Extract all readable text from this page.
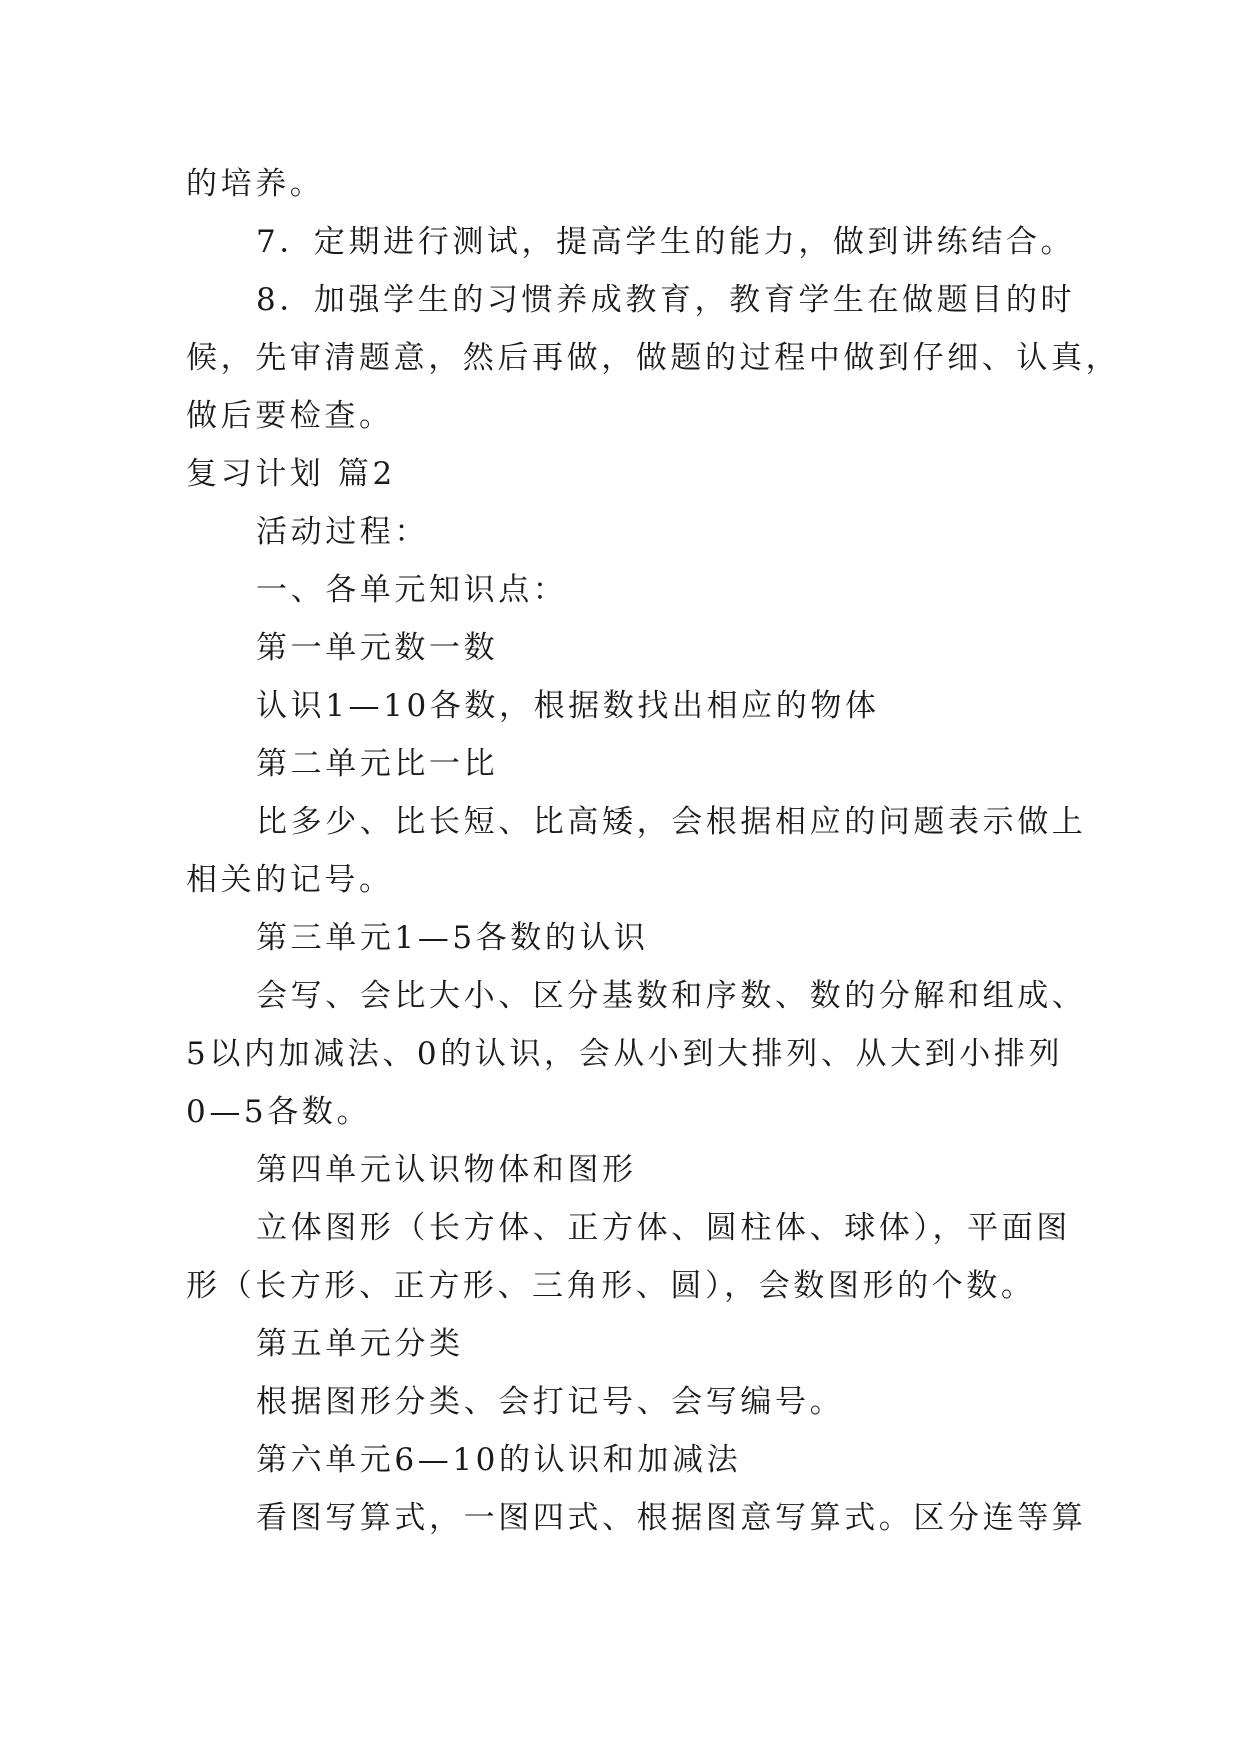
的培养。
7．定期进行测试，提高学生的能力，做到讲练结合。
8．加强学生的习惯养成教育，教育学生在做题目的时
候，先审清题意，然后再做，做题的过程中做到仔细、认真，
做后要检查。
复习计划 篇2
活动过程：
一、各单元知识点：
第一单元数一数
认识1—10各数，根据数找出相应的物体
第二单元比一比
比多少、比长短、比高矮，会根据相应的问题表示做上
相关的记号。
第三单元1—5各数的认识
会写、会比大小、区分基数和序数、数的分解和组成、
5以内加减法、0的认识，会从小到大排列、从大到小排列
0—5各数。
第四单元认识物体和图形
立体图形（长方体、正方体、圆柱体、球体），平面图
形（长方形、正方形、三角形、圆），会数图形的个数。
第五单元分类
根据图形分类、会打记号、会写编号。
第六单元6—10的认识和加减法
看图写算式，一图四式、根据图意写算式。区分连等算
